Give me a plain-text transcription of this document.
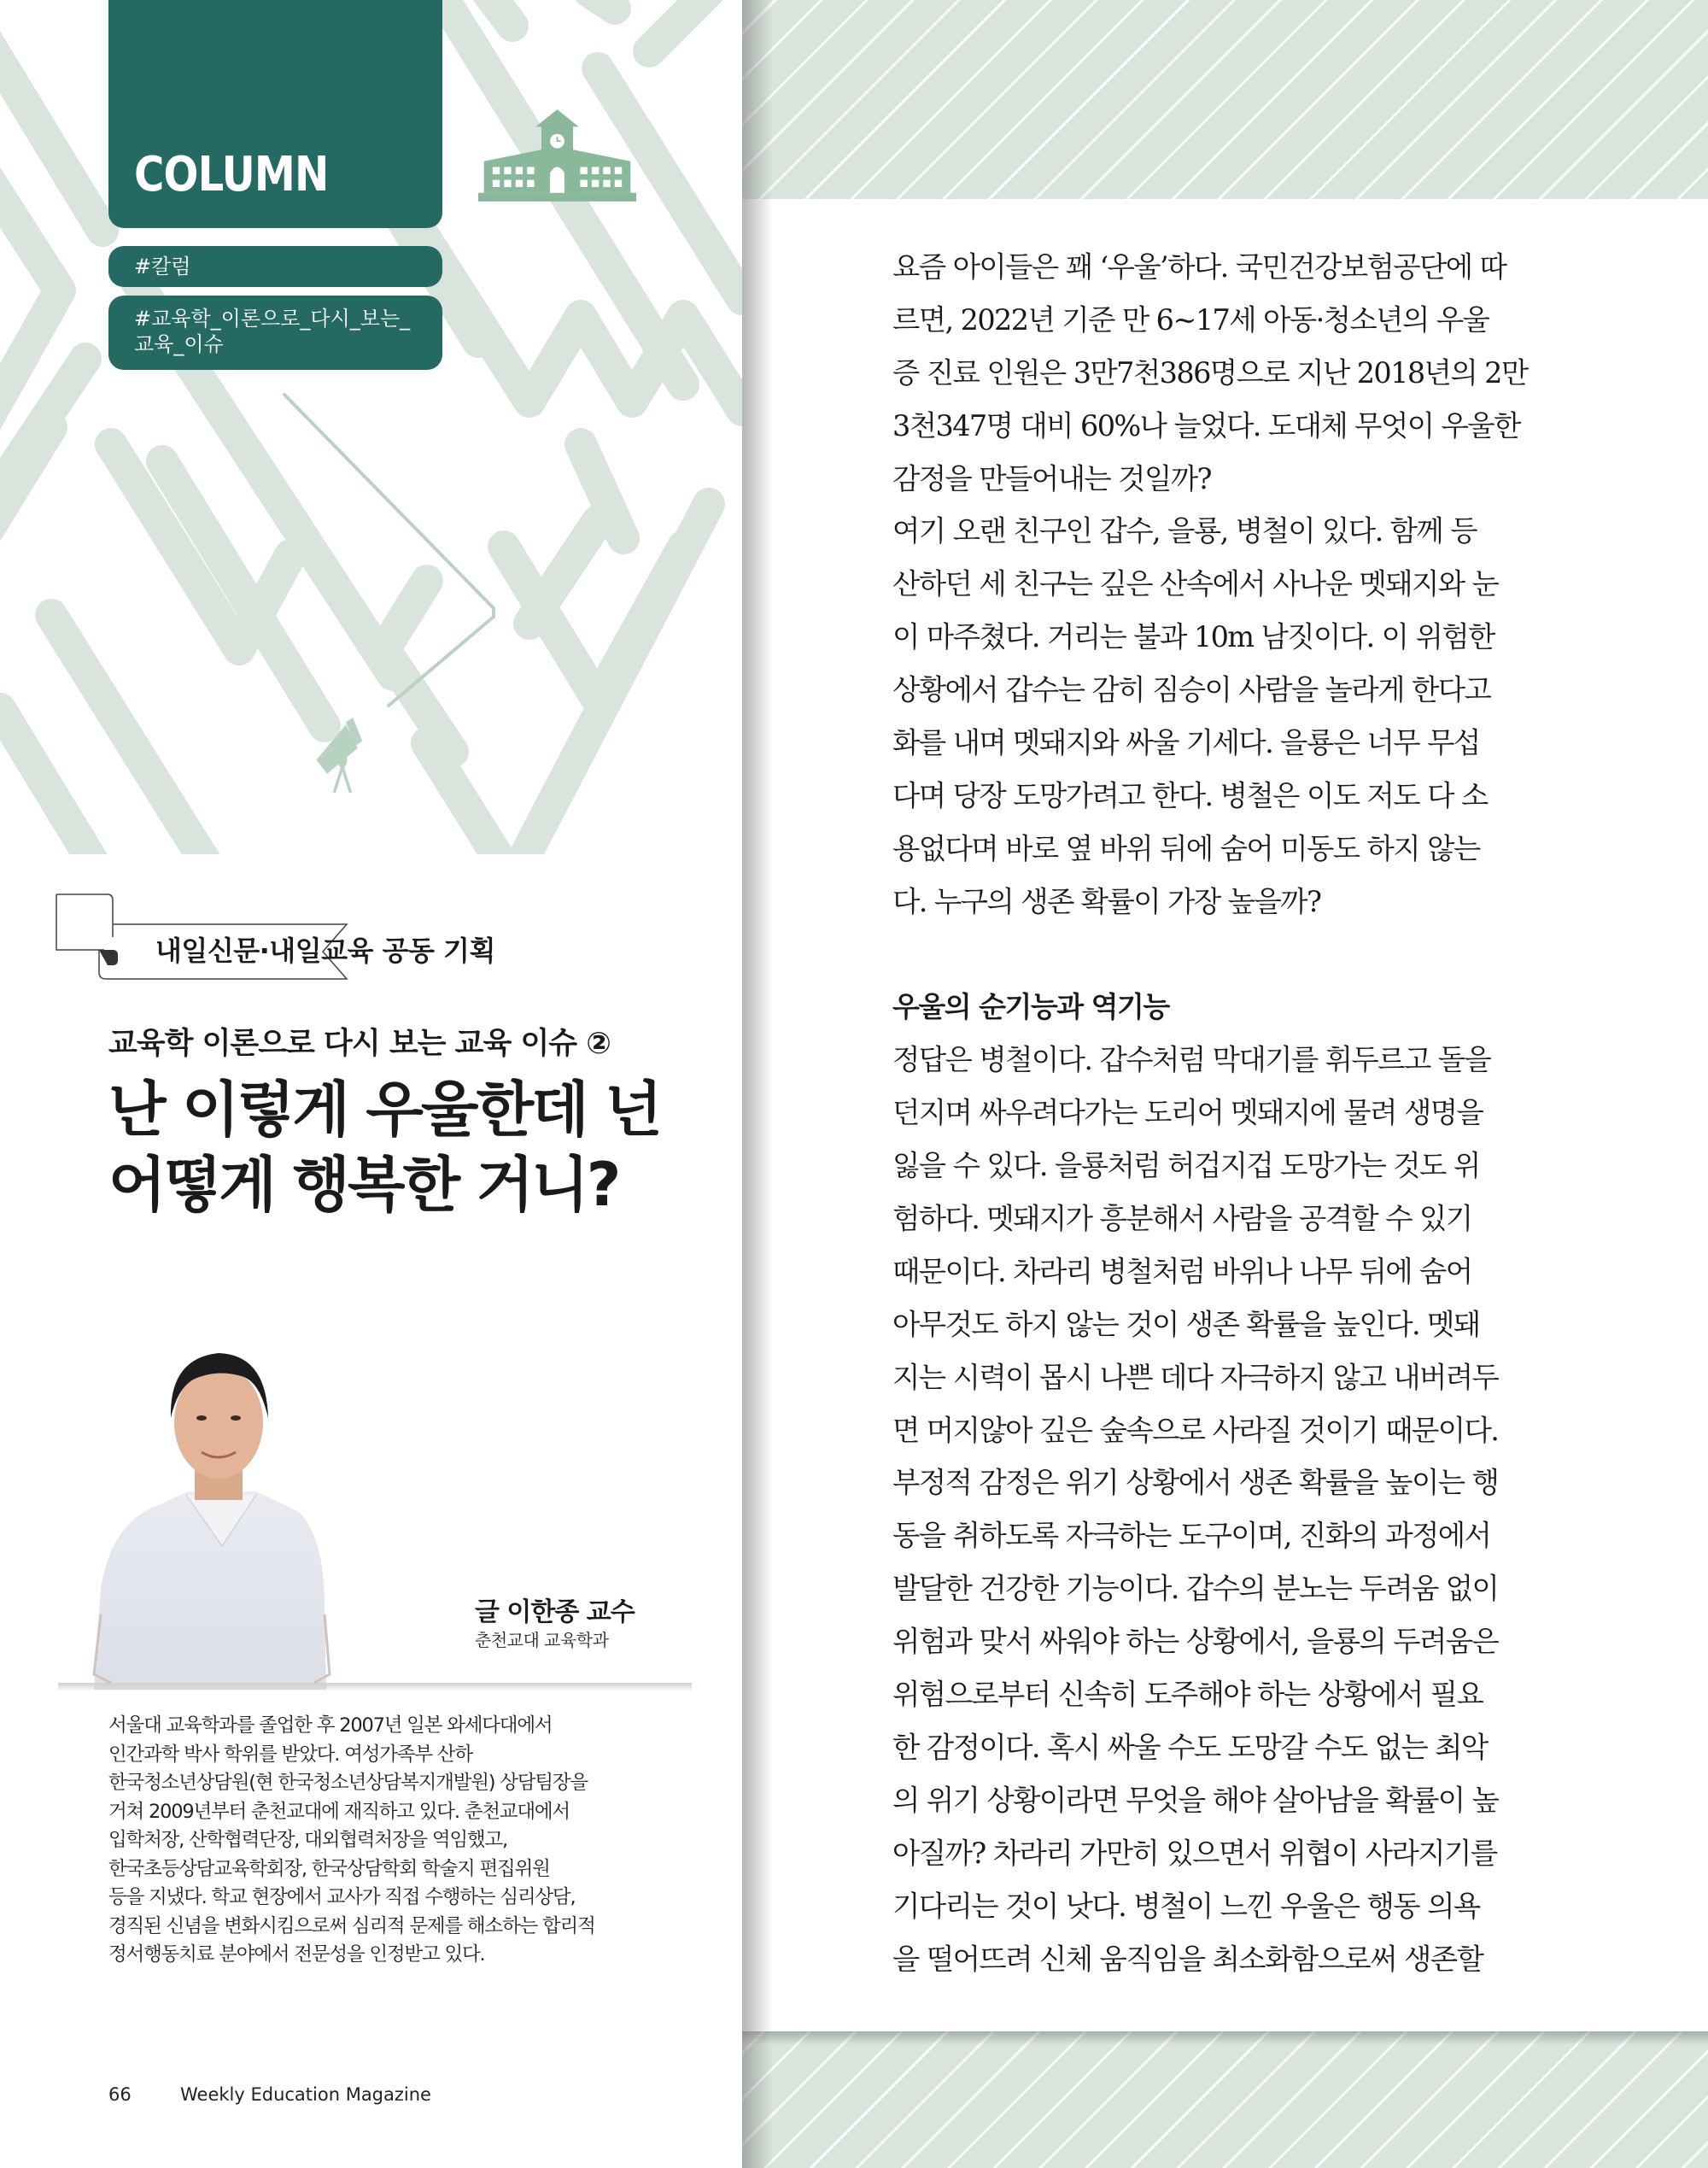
COLUMN
#칼럼
#교육학_이론으로_다시_보는_
교육_이슈
내일신문·내일교육 공동 기획
교육학 이론으로 다시 보는 교육 이슈 ②
난 이렇게 우울한데 넌
어떻게 행복한 거니?
글 이한종 교수
춘천교대 교육학과
서울대 교육학과를 졸업한 후 2007년 일본 와세다대에서
인간과학 박사 학위를 받았다. 여성가족부 산하
한국청소년상담원(현 한국청소년상담복지개발원) 상담팀장을
거쳐 2009년부터 춘천교대에 재직하고 있다. 춘천교대에서
입학처장, 산학협력단장, 대외협력처장을 역임했고,
한국초등상담교육학회장, 한국상담학회 학술지 편집위원
등을 지냈다. 학교 현장에서 교사가 직접 수행하는 심리상담,
경직된 신념을 변화시킴으로써 심리적 문제를 해소하는 합리적
정서행동치료 분야에서 전문성을 인정받고 있다.
66	Weekly Education Magazine
요즘 아이들은 꽤 ‘우울’하다. 국민건강보험공단에 따
르면, 2022년 기준 만 6~17세 아동·청소년의 우울
증 진료 인원은 3만7천386명으로 지난 2018년의 2만
3천347명 대비 60%나 늘었다. 도대체 무엇이 우울한
감정을 만들어내는 것일까?
여기 오랜 친구인 갑수, 을룡, 병철이 있다. 함께 등
산하던 세 친구는 깊은 산속에서 사나운 멧돼지와 눈
이 마주쳤다. 거리는 불과 10m 남짓이다. 이 위험한
상황에서 갑수는 감히 짐승이 사람을 놀라게 한다고
화를 내며 멧돼지와 싸울 기세다. 을룡은 너무 무섭
다며 당장 도망가려고 한다. 병철은 이도 저도 다 소
용없다며 바로 옆 바위 뒤에 숨어 미동도 하지 않는
다. 누구의 생존 확률이 가장 높을까?
우울의 순기능과 역기능
정답은 병철이다. 갑수처럼 막대기를 휘두르고 돌을
던지며 싸우려다가는 도리어 멧돼지에 물려 생명을
잃을 수 있다. 을룡처럼 허겁지겁 도망가는 것도 위
험하다. 멧돼지가 흥분해서 사람을 공격할 수 있기
때문이다. 차라리 병철처럼 바위나 나무 뒤에 숨어
아무것도 하지 않는 것이 생존 확률을 높인다. 멧돼
지는 시력이 몹시 나쁜 데다 자극하지 않고 내버려두
면 머지않아 깊은 숲속으로 사라질 것이기 때문이다.
부정적 감정은 위기 상황에서 생존 확률을 높이는 행
동을 취하도록 자극하는 도구이며, 진화의 과정에서
발달한 건강한 기능이다. 갑수의 분노는 두려움 없이
위험과 맞서 싸워야 하는 상황에서, 을룡의 두려움은
위험으로부터 신속히 도주해야 하는 상황에서 필요
한 감정이다. 혹시 싸울 수도 도망갈 수도 없는 최악
의 위기 상황이라면 무엇을 해야 살아남을 확률이 높
아질까? 차라리 가만히 있으면서 위협이 사라지기를
기다리는 것이 낫다. 병철이 느낀 우울은 행동 의욕
을 떨어뜨려 신체 움직임을 최소화함으로써 생존할
